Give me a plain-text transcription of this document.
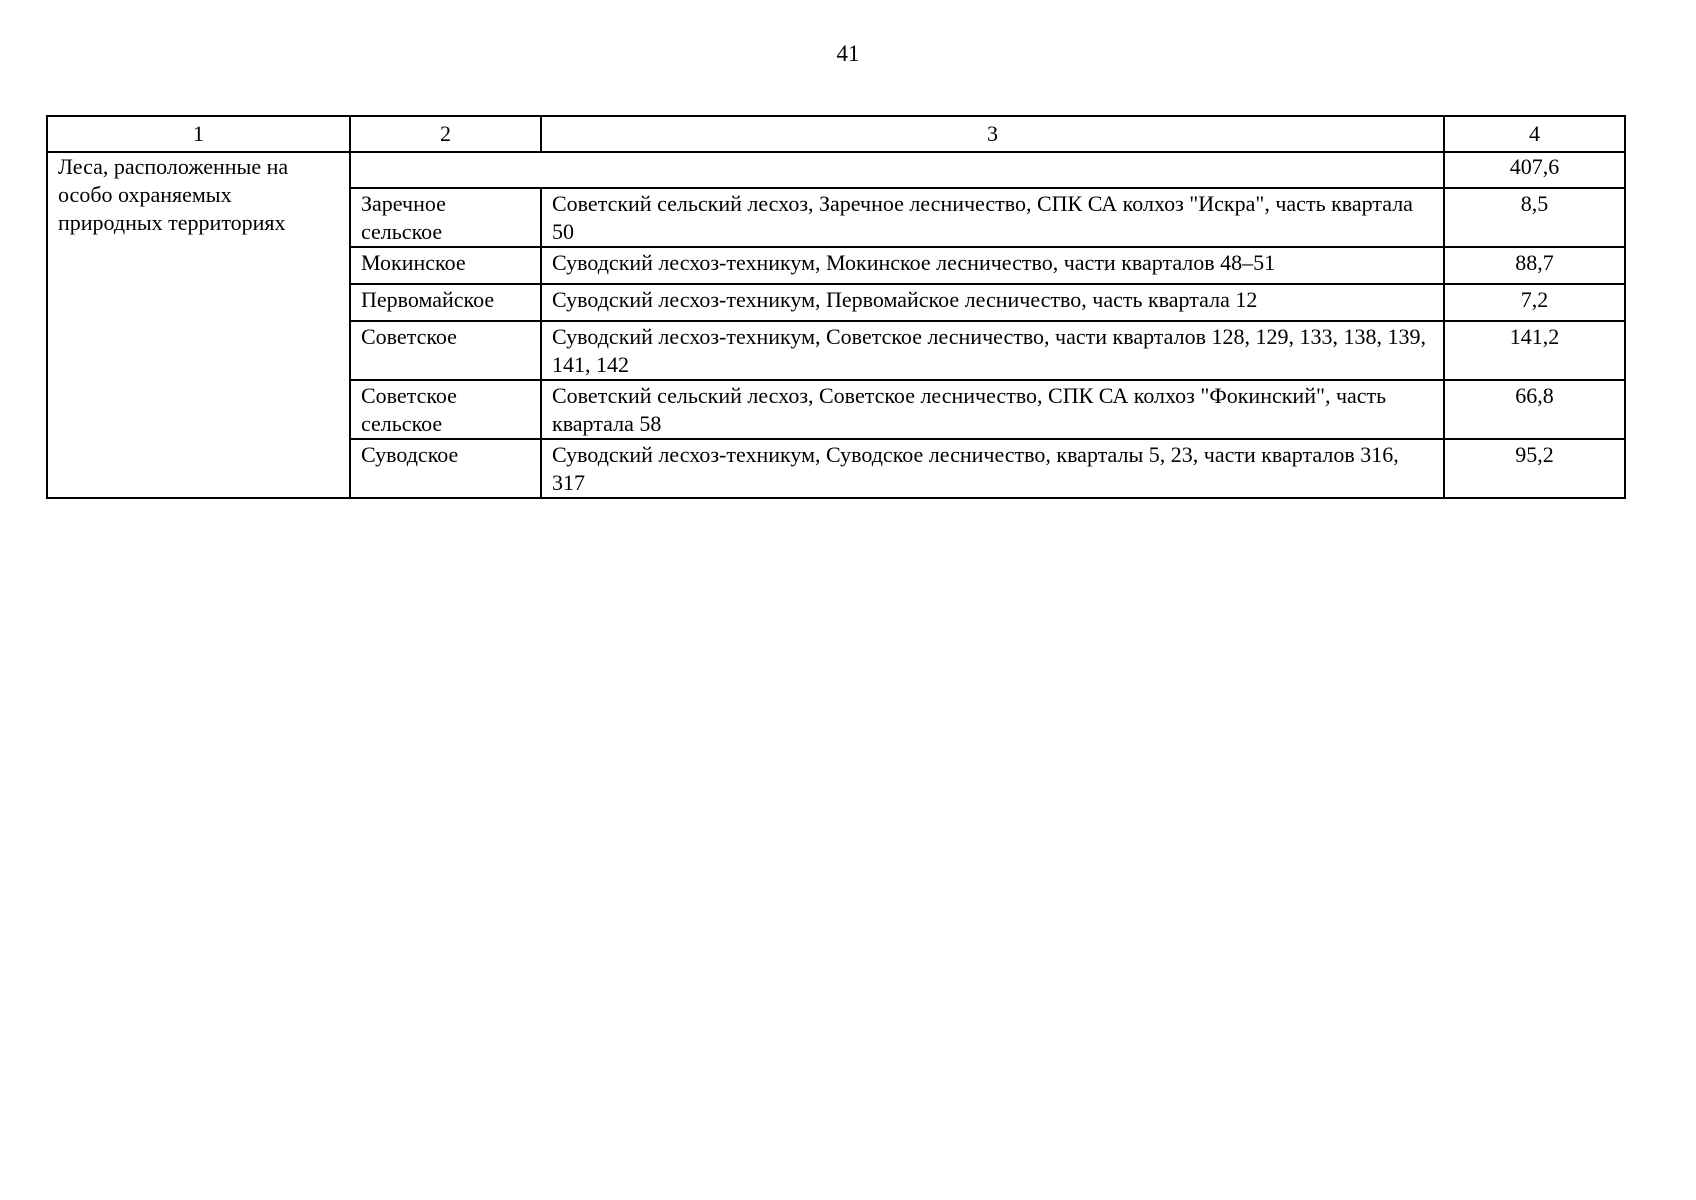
41
1	2	3	4
Леса, расположенные на особо охраняемых природных территориях			407,6
	Заречное сельское	Советский сельский лесхоз, Заречное лесничество, СПК СА колхоз "Искра", часть квартала 50	8,5
	Мокинское	Суводский лесхоз-техникум, Мокинское лесничество, части кварталов 48–51	88,7
	Первомайское	Суводский лесхоз-техникум, Первомайское лесничество, часть квартала 12	7,2
	Советское	Суводский лесхоз-техникум, Советское лесничество, части кварталов 128, 129, 133, 138, 139, 141, 142	141,2
	Советское сельское	Советский сельский лесхоз, Советское лесничество, СПК СА колхоз "Фокинский", часть квартала 58	66,8
	Суводское	Суводский лесхоз-техникум, Суводское лесничество, кварталы 5, 23, части кварталов 316, 317	95,2
